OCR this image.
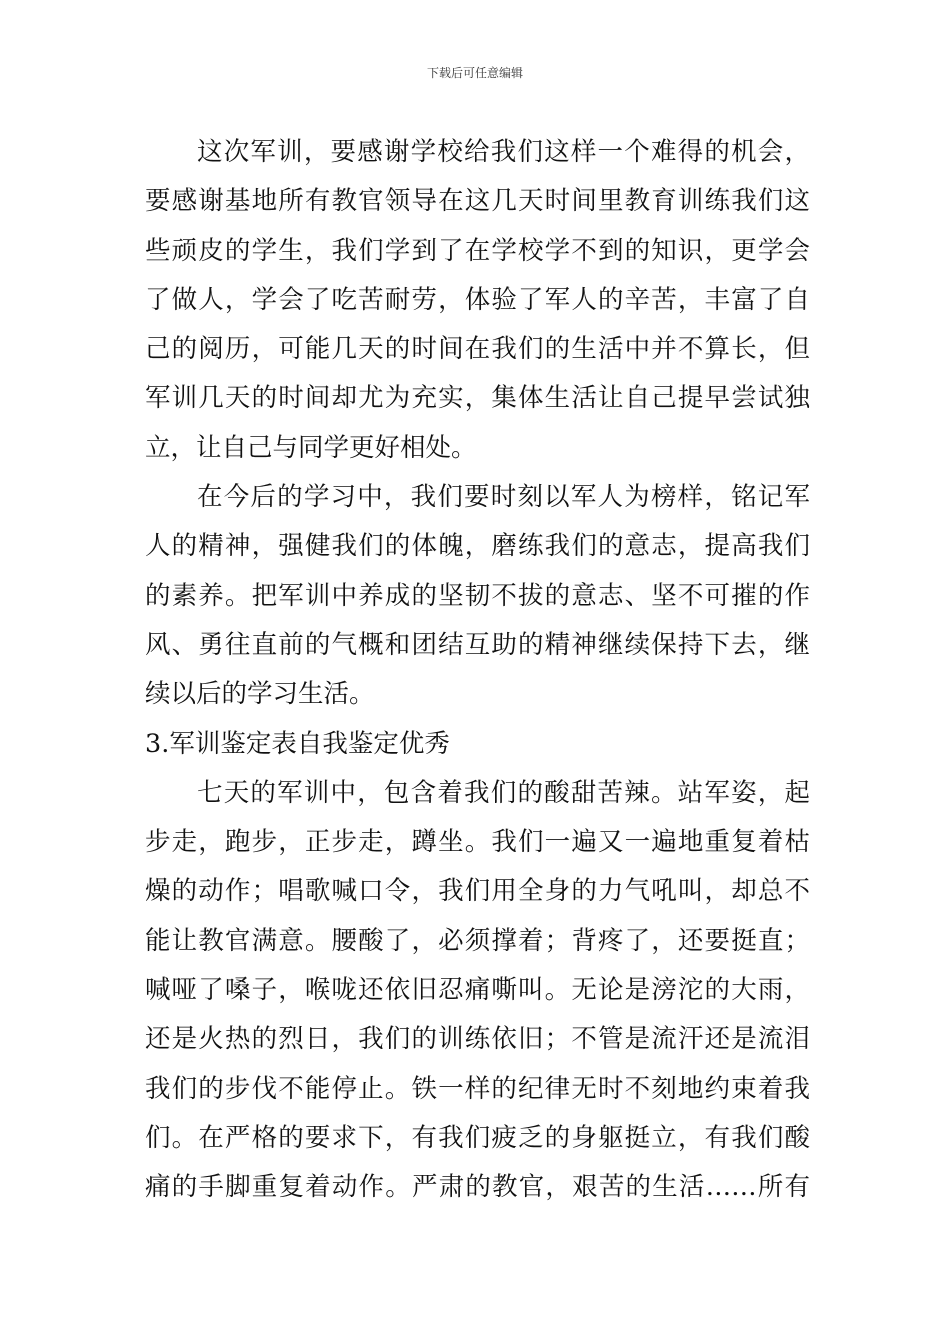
下载后可任意编辑
这次军训，要感谢学校给我们这样一个难得的机会，
要感谢基地所有教官领导在这几天时间里教育训练我们这
些顽皮的学生，我们学到了在学校学不到的知识，更学会
了做人，学会了吃苦耐劳，体验了军人的辛苦，丰富了自
己的阅历，可能几天的时间在我们的生活中并不算长，但
军训几天的时间却尤为充实，集体生活让自己提早尝试独
立，让自己与同学更好相处。
在今后的学习中，我们要时刻以军人为榜样，铭记军
人的精神，强健我们的体魄，磨练我们的意志，提高我们
的素养。把军训中养成的坚韧不拔的意志、坚不可摧的作
风、勇往直前的气概和团结互助的精神继续保持下去，继
续以后的学习生活。
3.军训鉴定表自我鉴定优秀
七天的军训中，包含着我们的酸甜苦辣。站军姿，起
步走，跑步，正步走，蹲坐。我们一遍又一遍地重复着枯
燥的动作；唱歌喊口令，我们用全身的力气吼叫，却总不
能让教官满意。腰酸了，必须撑着；背疼了，还要挺直；
喊哑了嗓子，喉咙还依旧忍痛嘶叫。无论是滂沱的大雨，
还是火热的烈日，我们的训练依旧；不管是流汗还是流泪
我们的步伐不能停止。铁一样的纪律无时不刻地约束着我
们。在严格的要求下，有我们疲乏的身躯挺立，有我们酸
痛的手脚重复着动作。严肃的教官，艰苦的生活……所有
